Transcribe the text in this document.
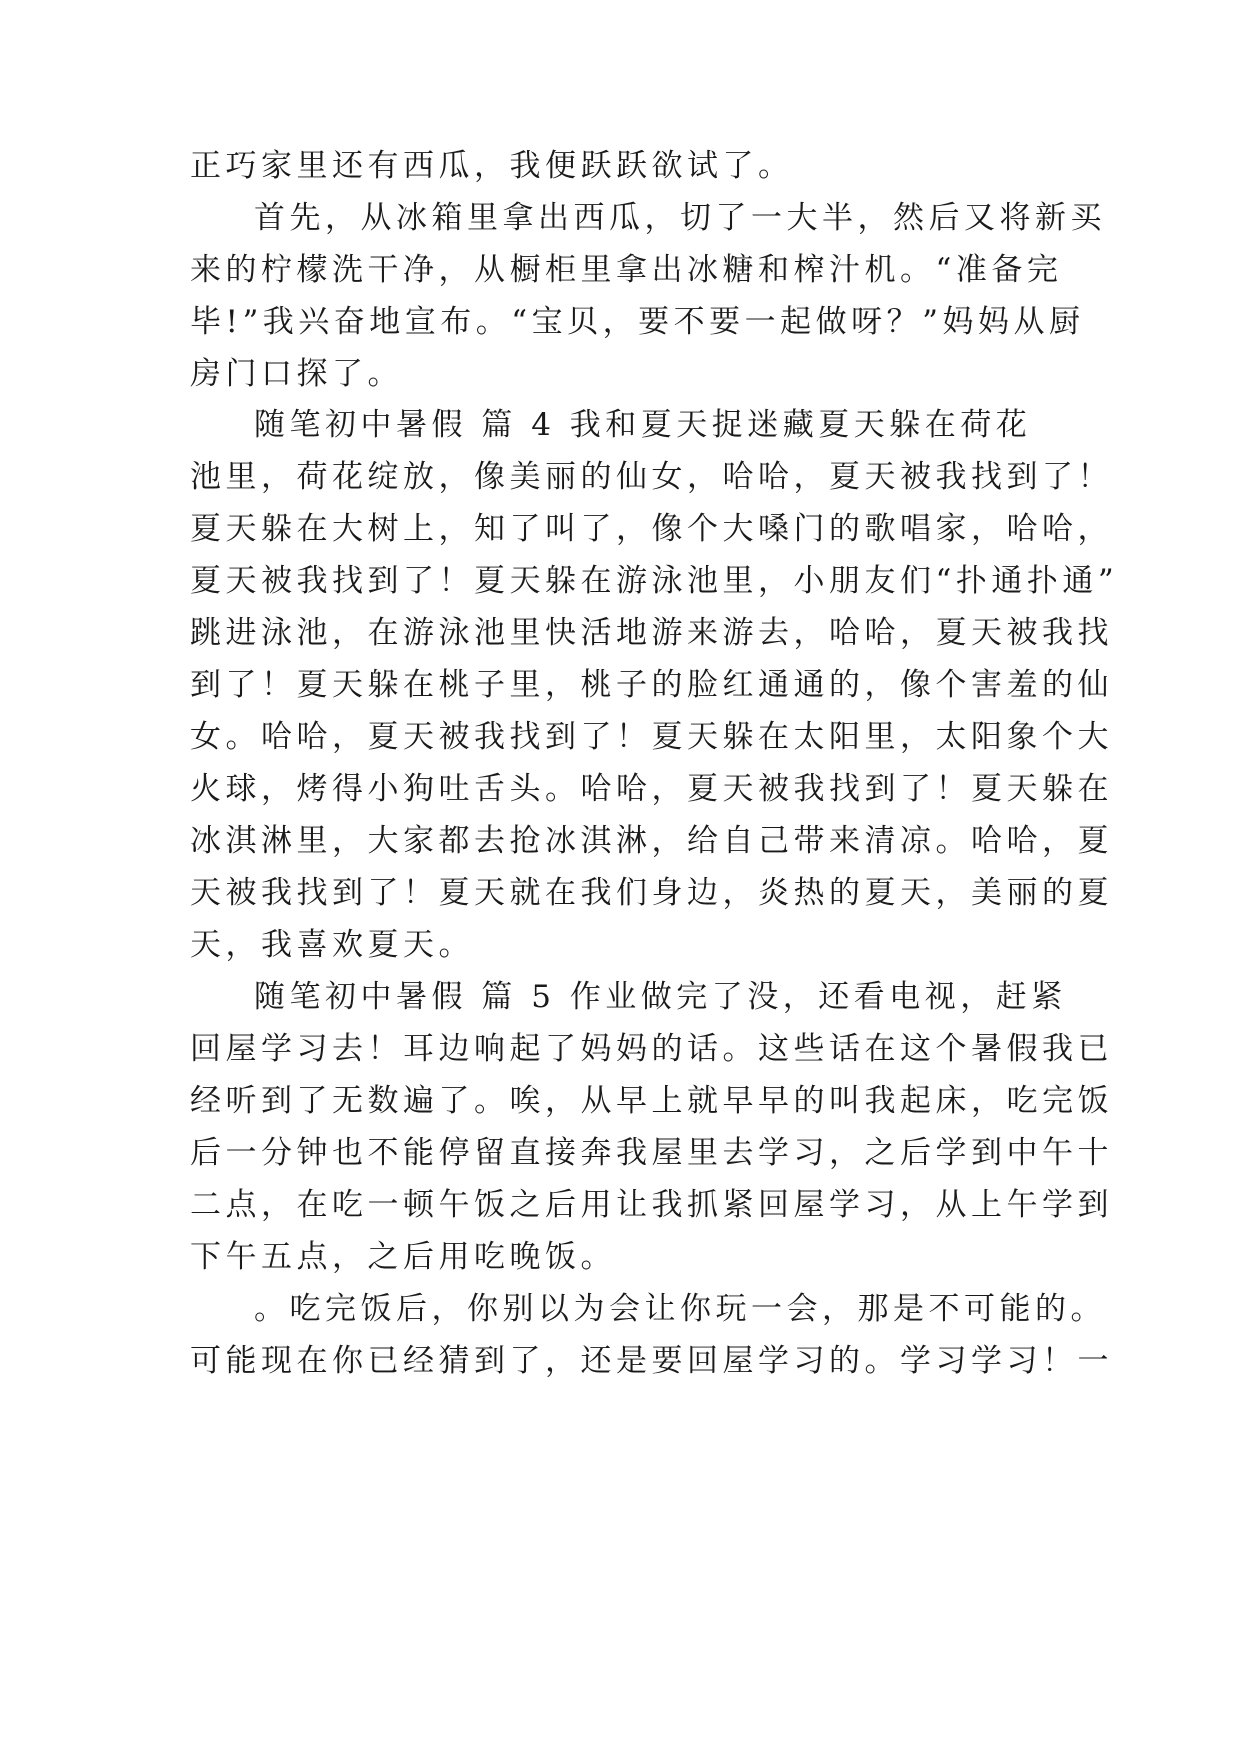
正巧家里还有西瓜，我便跃跃欲试了。
首先，从冰箱里拿出西瓜，切了一大半，然后又将新买
来的柠檬洗干净，从橱柜里拿出冰糖和榨汁机。“准备完
毕!”我兴奋地宣布。“宝贝，要不要一起做呀？”妈妈从厨
房门口探了。
随笔初中暑假 篇 4 我和夏天捉迷藏夏天躲在荷花
池里，荷花绽放，像美丽的仙女，哈哈，夏天被我找到了！
夏天躲在大树上，知了叫了，像个大嗓门的歌唱家，哈哈，
夏天被我找到了！夏天躲在游泳池里，小朋友们“扑通扑通”
跳进泳池，在游泳池里快活地游来游去，哈哈，夏天被我找
到了！夏天躲在桃子里，桃子的脸红通通的，像个害羞的仙
女。哈哈，夏天被我找到了！夏天躲在太阳里，太阳象个大
火球，烤得小狗吐舌头。哈哈，夏天被我找到了！夏天躲在
冰淇淋里，大家都去抢冰淇淋，给自己带来清凉。哈哈，夏
天被我找到了！夏天就在我们身边，炎热的夏天，美丽的夏
天，我喜欢夏天。
随笔初中暑假 篇 5 作业做完了没，还看电视，赶紧
回屋学习去！耳边响起了妈妈的话。这些话在这个暑假我已
经听到了无数遍了。唉，从早上就早早的叫我起床，吃完饭
后一分钟也不能停留直接奔我屋里去学习，之后学到中午十
二点，在吃一顿午饭之后用让我抓紧回屋学习，从上午学到
下午五点，之后用吃晚饭。
。吃完饭后，你别以为会让你玩一会，那是不可能的。
可能现在你已经猜到了，还是要回屋学习的。学习学习！一
